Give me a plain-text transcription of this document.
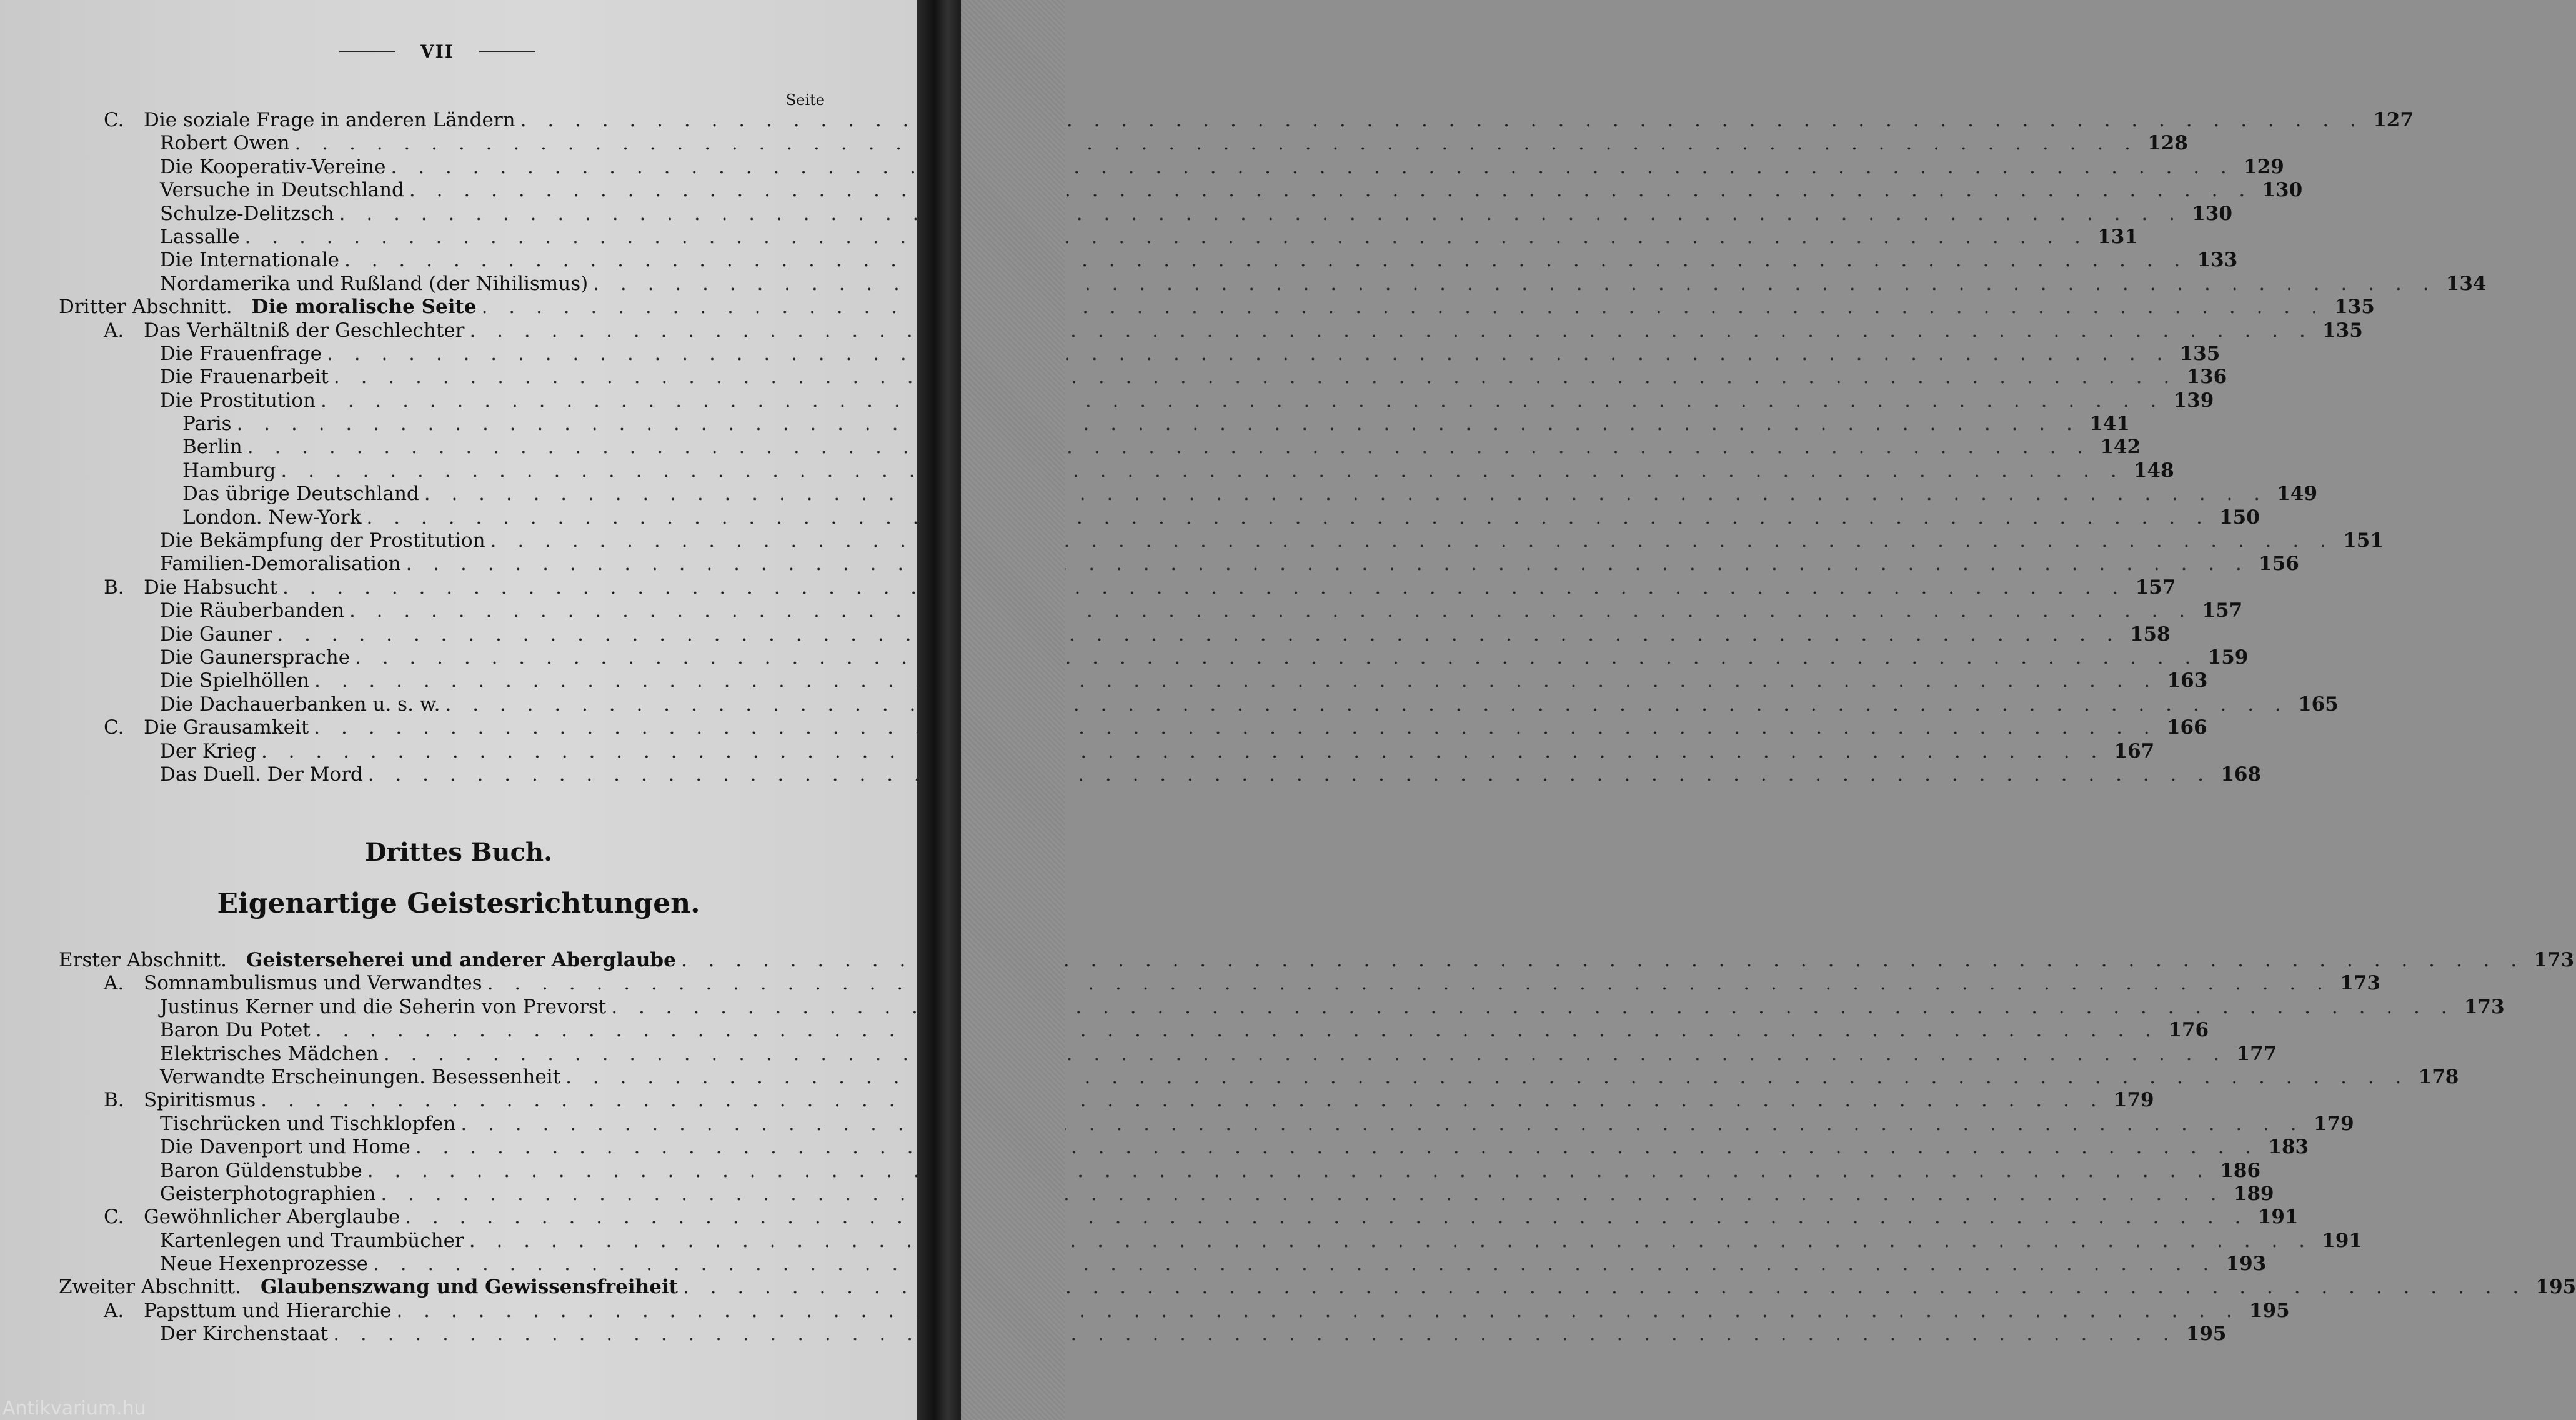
VII
Seite
C.	Die soziale Frage in anderen Ländern . . .	127
Robert Owen . . .	128
Die Kooperativ-Vereine . . .	129
Versuche in Deutschland . . .	130
Schulze-Delitzsch . . .	130
Lassalle . . .	131
Die Internationale . . .	133
Nordamerika und Rußland (der Nihilismus) . . .	134
Dritter Abschnitt.  Die moralische Seite . . .	135
A.	Das Verhältniß der Geschlechter . . .	135
Die Frauenfrage . . .	135
Die Frauenarbeit . . .	136
Die Prostitution . . .	139
Paris . . .	141
Berlin . . .	142
Hamburg . . .	148
Das übrige Deutschland . . .	149
London. New-York . . .	150
Die Bekämpfung der Prostitution . . .	151
Familien-Demoralisation . . .	156
B.	Die Habsucht . . .	157
Die Räuberbanden . . .	157
Die Gauner . . .	158
Die Gaunersprache . . .	159
Die Spielhöllen . . .	163
Die Dachauerbanken u. s. w. . . .	165
C.	Die Grausamkeit . . .	166
Der Krieg . . .	167
Das Duell. Der Mord . . .	168
Drittes Buch.
Eigenartige Geistesrichtungen.
Erster Abschnitt.  Geisterseherei und anderer Aberglaube . . .	173
A.	Somnambulismus und Verwandtes . . .	173
Justinus Kerner und die Seherin von Prevorst . . .	173
Baron Du Potet . . .	176
Elektrisches Mädchen . . .	177
Verwandte Erscheinungen. Besessenheit . . .	178
B.	Spiritismus . . .	179
Tischrücken und Tischklopfen . . .	179
Die Davenport und Home . . .	183
Baron Güldenstubbe . . .	186
Geisterphotographien . . .	189
C.	Gewöhnlicher Aberglaube . . .	191
Kartenlegen und Traumbücher . . .	191
Neue Hexenprozesse . . .	193
Zweiter Abschnitt.  Glaubenszwang und Gewissensfreiheit . . .	195
A.	Papsttum und Hierarchie . . .	195
Der Kirchenstaat . . .	195
Antikvarium.hu
